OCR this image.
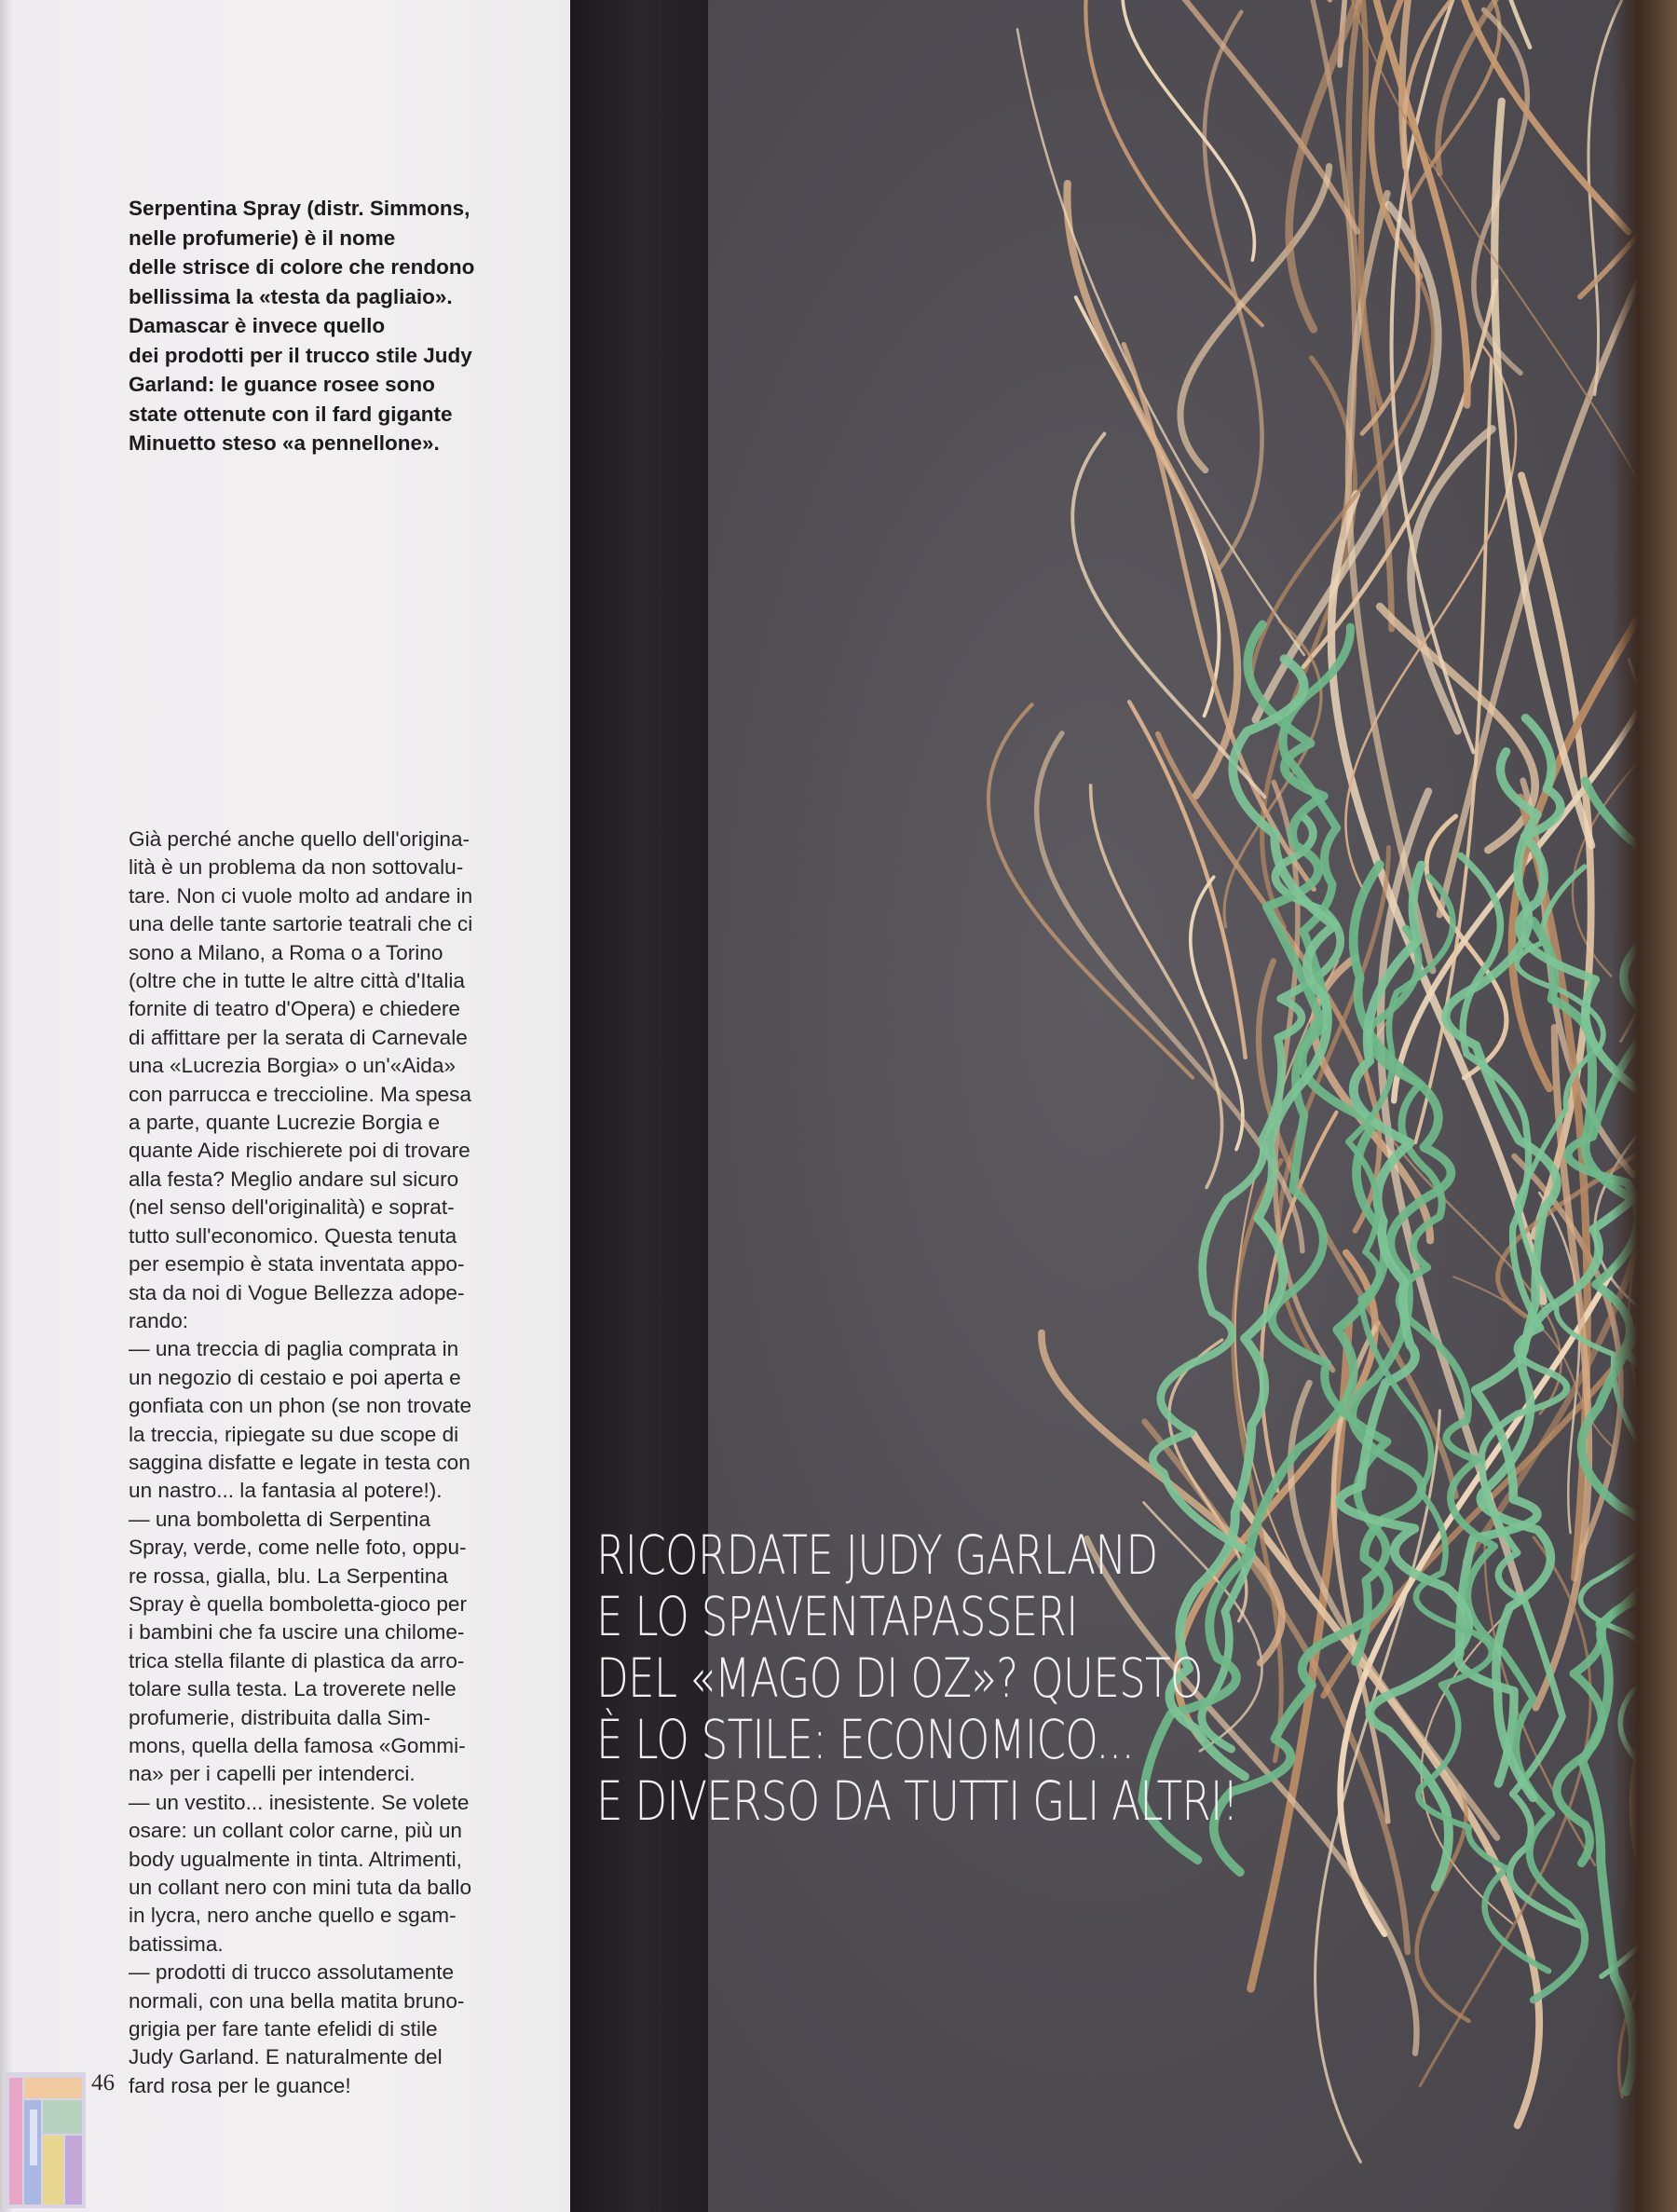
Serpentina Spray (distr. Simmons,
nelle profumerie) è il nome
delle strisce di colore che rendono
bellissima la «testa da pagliaio».
Damascar è invece quello
dei prodotti per il trucco stile Judy
Garland: le guance rosee sono
state ottenute con il fard gigante
Minuetto steso «a pennellone».

Già perché anche quello dell'origina-
lità è un problema da non sottovalu-
tare. Non ci vuole molto ad andare in
una delle tante sartorie teatrali che ci
sono a Milano, a Roma o a Torino
(oltre che in tutte le altre città d'Italia
fornite di teatro d'Opera) e chiedere
di affittare per la serata di Carnevale
una «Lucrezia Borgia» o un'«Aida»
con parrucca e treccioline. Ma spesa
a parte, quante Lucrezie Borgia e
quante Aide rischierete poi di trovare
alla festa? Meglio andare sul sicuro
(nel senso dell'originalità) e soprat-
tutto sull'economico. Questa tenuta
per esempio è stata inventata appo-
sta da noi di Vogue Bellezza adope-
rando:
— una treccia di paglia comprata in
un negozio di cestaio e poi aperta e
gonfiata con un phon (se non trovate
la treccia, ripiegate su due scope di
saggina disfatte e legate in testa con
un nastro... la fantasia al potere!).
— una bomboletta di Serpentina
Spray, verde, come nelle foto, oppu-
re rossa, gialla, blu. La Serpentina
Spray è quella bomboletta-gioco per
i bambini che fa uscire una chilome-
trica stella filante di plastica da arro-
tolare sulla testa. La troverete nelle
profumerie, distribuita dalla Sim-
mons, quella della famosa «Gommi-
na» per i capelli per intenderci.
— un vestito... inesistente. Se volete
osare: un collant color carne, più un
body ugualmente in tinta. Altrimenti,
un collant nero con mini tuta da ballo
in lycra, nero anche quello e sgam-
batissima.
— prodotti di trucco assolutamente
normali, con una bella matita bruno-
grigia per fare tante efelidi di stile
Judy Garland. E naturalmente del
fard rosa per le guance!

RICORDATE JUDY GARLAND
E LO SPAVENTAPASSERI
DEL «MAGO DI OZ»? QUESTO
È LO STILE: ECONOMICO...
E DIVERSO DA TUTTI GLI ALTRI!

46
